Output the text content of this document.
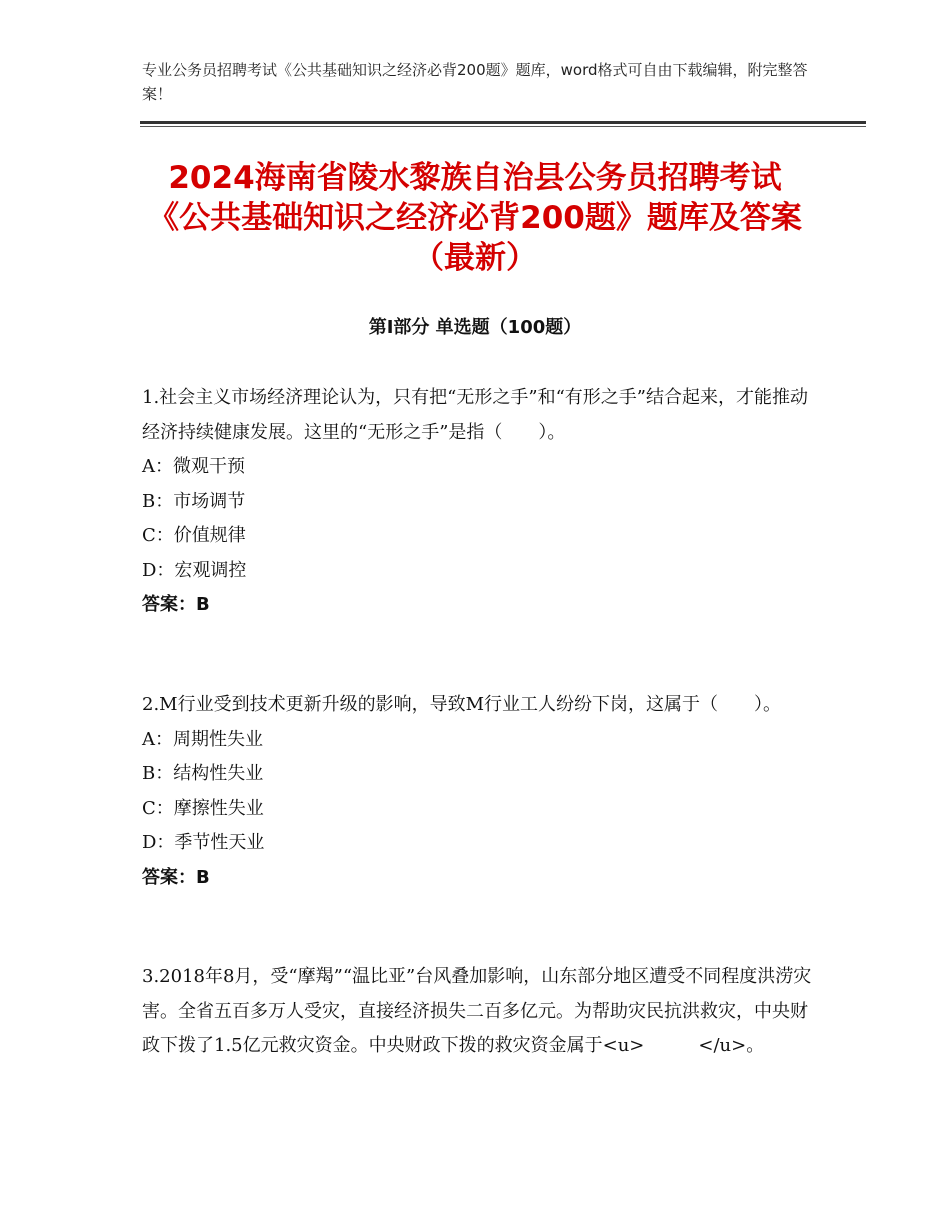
专业公务员招聘考试《公共基础知识之经济必背200题》题库，word格式可自由下载编辑，附完整答案！
2024海南省陵水黎族自治县公务员招聘考试《公共基础知识之经济必背200题》题库及答案（最新）
第Ⅰ部分 单选题（100题）
1.社会主义市场经济理论认为，只有把“无形之手”和“有形之手”结合起来，才能推动经济持续健康发展。这里的“无形之手”是指（　　）。
A：微观干预
B：市场调节
C：价值规律
D：宏观调控
答案：B
2.M行业受到技术更新升级的影响，导致M行业工人纷纷下岗，这属于（　　）。
A：周期性失业
B：结构性失业
C：摩擦性失业
D：季节性天业
答案：B
3.2018年8月，受“摩羯”“温比亚”台风叠加影响，山东部分地区遭受不同程度洪涝灾害。全省五百多万人受灾，直接经济损失二百多亿元。为帮助灾民抗洪救灾，中央财政下拨了1.5亿元救灾资金。中央财政下拨的救灾资金属于<u>　　　</u>。
